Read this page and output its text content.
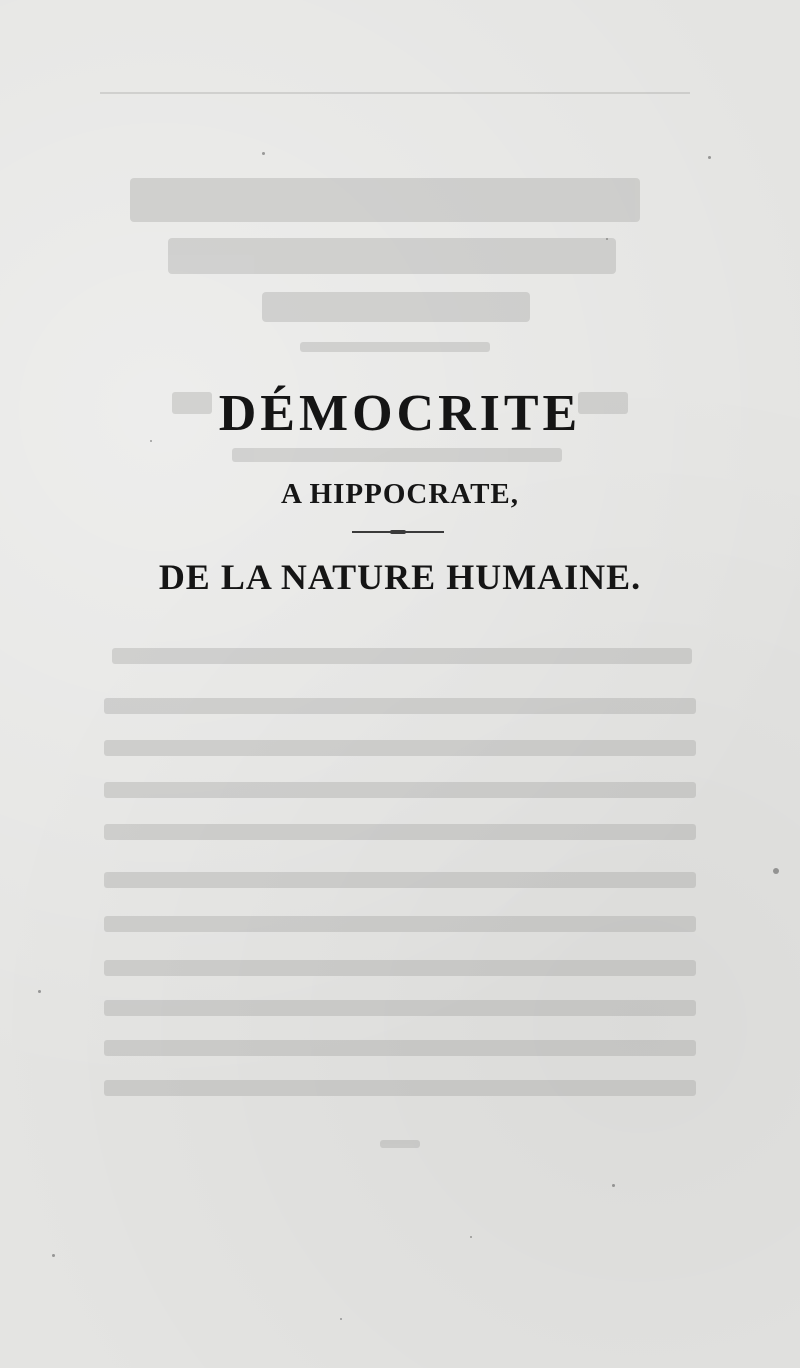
DÉMOCRITE
A HIPPOCRATE,
DE LA NATURE HUMAINE.
